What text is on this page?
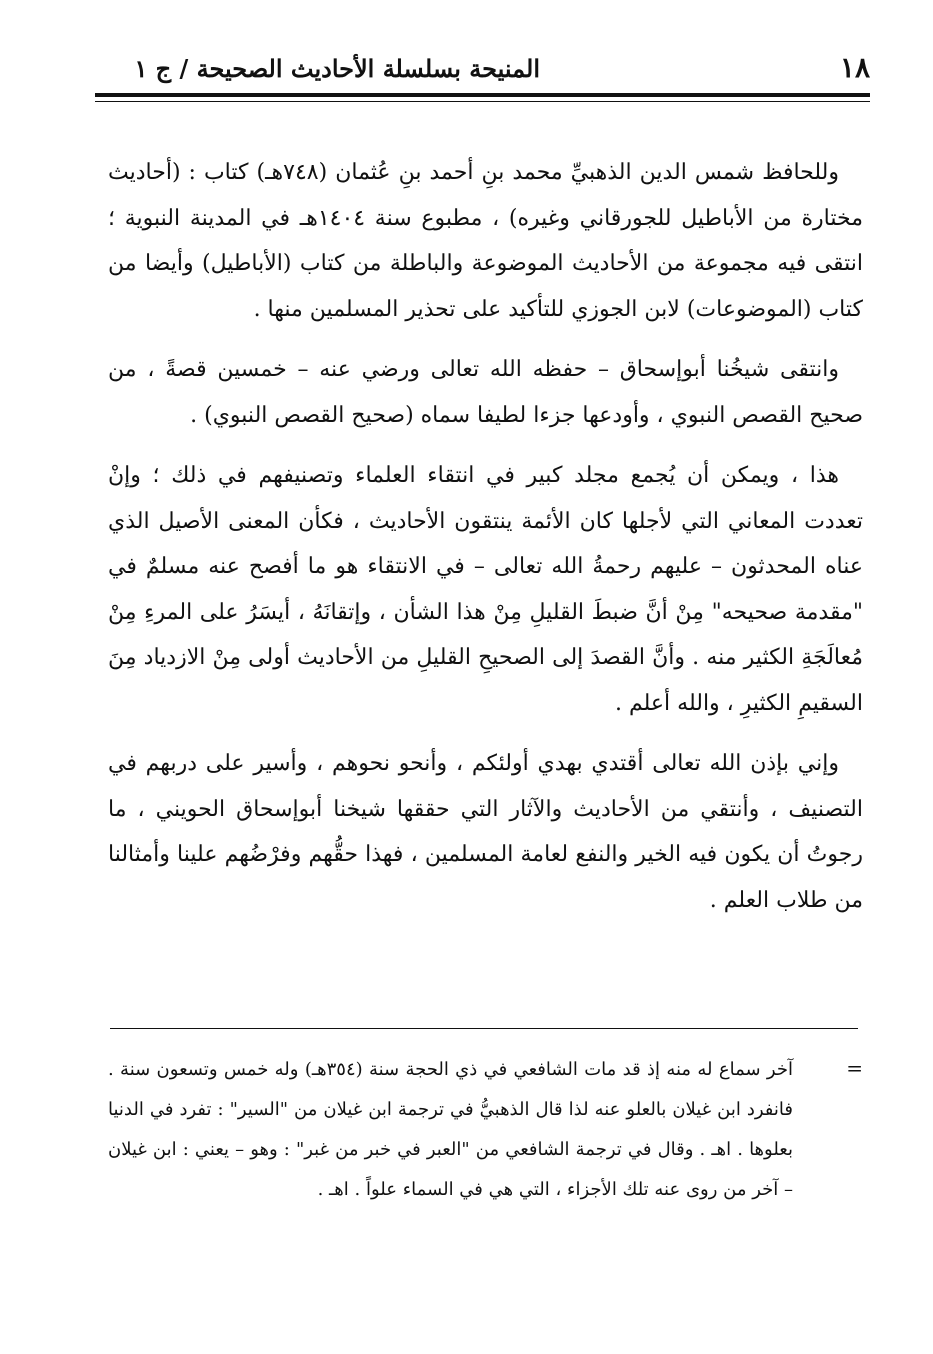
١٨
المنيحة بسلسلة الأحاديث الصحيحة / ج ١

وللحافظ شمس الدين الذهبيِّ محمد بنِ أحمد بنِ عُثمان (٧٤٨هـ) كتاب : (أحاديث مختارة من الأباطيل للجورقاني وغيره) ، مطبوع سنة ١٤٠٤هـ في المدينة النبوية ؛ انتقى فيه مجموعة من الأحاديث الموضوعة والباطلة من كتاب (الأباطيل) وأيضا من كتاب (الموضوعات) لابن الجوزي للتأكيد على تحذير المسلمين منها .

وانتقى شيخُنا أبوإسحاق – حفظه الله تعالى ورضي عنه – خمسين قصةً ، من صحيح القصص النبوي ، وأودعها جزءا لطيفا سماه (صحيح القصص النبوي) .

هذا ، ويمكن أن يُجمع مجلد كبير في انتقاء العلماء وتصنيفهم في ذلك ؛ وإنْ تعددت المعاني التي لأجلها كان الأئمة ينتقون الأحاديث ، فكأن المعنى الأصيل الذي عناه المحدثون – عليهم رحمةُ الله تعالى – في الانتقاء هو ما أفصح عنه مسلمٌ في "مقدمة صحيحه" مِنْ أنَّ ضبطَ القليلِ مِنْ هذا الشأن ، وإتقانَهُ ، أيسَرُ على المرءِ مِنْ مُعالَجَةِ الكثير منه . وأنَّ القصدَ إلى الصحيحِ القليلِ من الأحاديث أولى مِنْ الازدياد مِنَ السقيمِ الكثيرِ ، والله أعلم .

وإني بإذن الله تعالى أقتدي بهدي أولئكم ، وأنحو نحوهم ، وأسير على دربهم في التصنيف ، وأنتقي من الأحاديث والآثار التي حققها شيخنا أبوإسحاق الحويني ، ما رجوتُ أن يكون فيه الخير والنفع لعامة المسلمين ، فهذا حقُّهم وفرْضُهم علينا وأمثالنا من طلاب العلم .

=

آخر سماع له منه إذ قد مات الشافعي في ذي الحجة سنة (٣٥٤هـ) وله خمس وتسعون سنة . فانفرد ابن غيلان بالعلو عنه لذا قال الذهبيُّ في ترجمة ابن غيلان من "السير" : تفرد في الدنيا بعلوها . اهـ . وقال في ترجمة الشافعي من "العبر في خبر من غبر" : وهو – يعني : ابن غيلان – آخر من روى عنه تلك الأجزاء ، التي هي في السماء علواً . اهـ .
